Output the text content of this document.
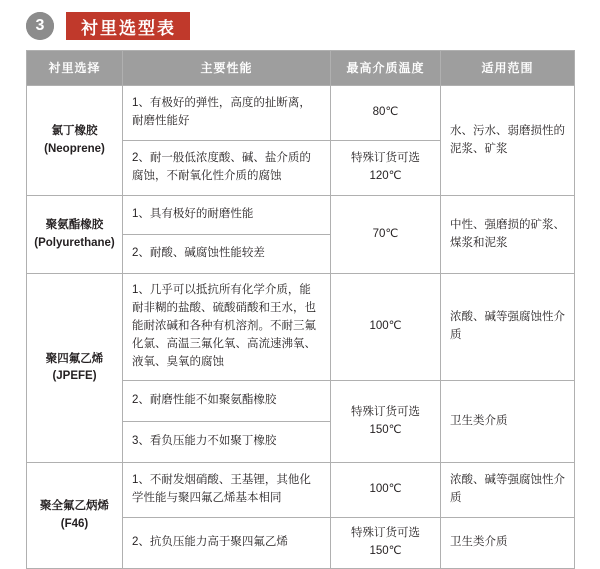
3	衬里选型表
衬里选择	主要性能	最高介质温度	适用范围

氯丁橡胶
(Neoprene)	1、有极好的弹性，高度的扯断离，耐磨性能好	80℃	水、污水、弱磨损性的泥浆、矿浆
	2、耐一般低浓度酸、碱、盐介质的腐蚀，不耐氧化性介质的腐蚀	特殊订货可选120℃	

聚氨酯橡胶
(Polyurethane)	1、具有极好的耐磨性能	70℃	中性、强磨损的矿浆、煤浆和泥浆
	2、耐酸、碱腐蚀性能较差		

聚四氟乙烯
(JPEFE)	1、几乎可以抵抗所有化学介质，能耐非糊的盐酸、硫酸硝酸和王水，也能耐浓碱和各种有机溶剂。不耐三氟化氯、高温三氟化氧、高流速沸氧、液氧、臭氧的腐蚀	100℃	浓酸、碱等强腐蚀性介质
	2、耐磨性能不如聚氨酯橡胶	特殊订货可选150℃	卫生类介质
	3、看负压能力不如聚丁橡胶		

聚全氟乙炳烯
(F46)	1、不耐发烟硝酸、王基锂，其他化学性能与聚四氟乙烯基本相同	100℃	浓酸、碱等强腐蚀性介质
	2、抗负压能力高于聚四氟乙烯	特殊订货可选150℃	卫生类介质
